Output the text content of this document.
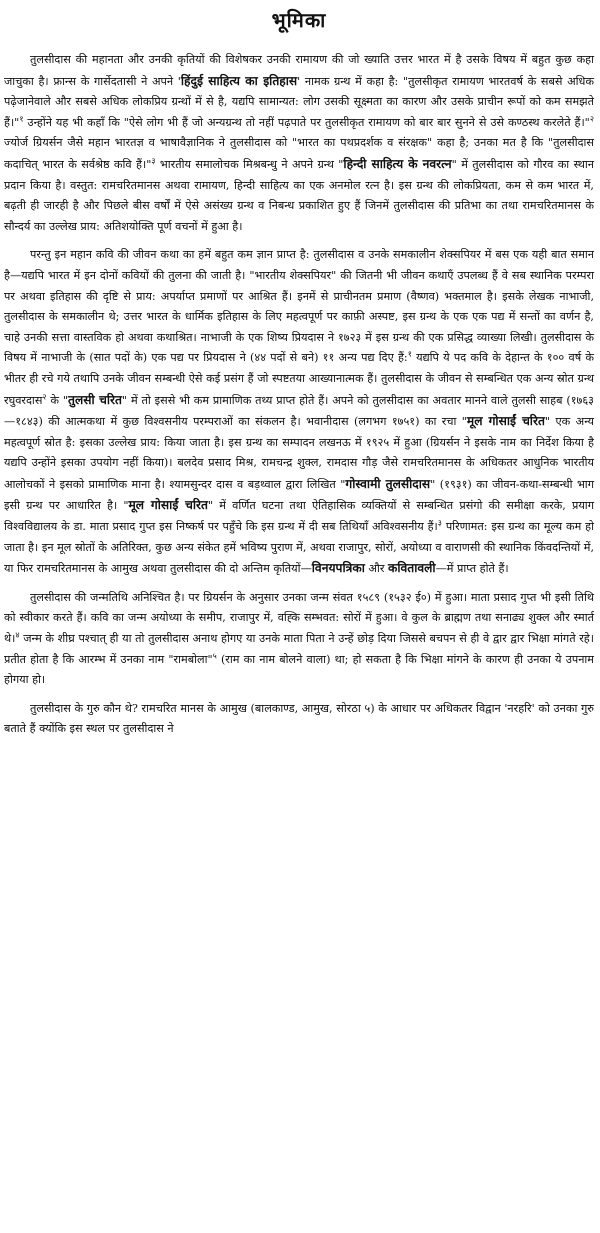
भूमिका

तुलसीदास की महानता और उनकी कृतियों की विशेषकर उनकी रामायण की जो ख्याति उत्तर भारत में है उसके विषय में बहुत कुछ कहा जाचुका है। फ्रान्स के गार्सेदतासी ने अपने 'हिंदुई साहित्य का इतिहास' नामक ग्रन्थ में कहा है: "तुलसीकृत रामायण भारतवर्ष के सबसे अधिक पढ़ेजानेवाले और सबसे अधिक लोकप्रिय ग्रन्थों में से है, यद्यपि सामान्यत: लोग उसकी सूक्ष्मता का कारण और उसके प्राचीन रूपों को कम समझते हैं।"$^१$ उन्होंने यह भी कहाँ कि "ऐसे लोग भी हैं जो अन्यग्रन्थ तो नहीं पढ़पाते पर तुलसीकृत रामायण को बार बार सुनने से उसे कण्ठस्थ करलेते हैं।"$^२$ ज्योर्ज ग्रियर्सन जैसे महान भारतज्ञ व भाषावैज्ञानिक ने तुलसीदास को "भारत का पथप्रदर्शक व संरक्षक" कहा है; उनका मत है कि "तुलसीदास कदाचित् भारत के सर्वश्रेष्ठ कवि हैं।"$^३$ भारतीय समालोचक मिश्रबन्धु ने अपने ग्रन्थ "हिन्दी साहित्य के नवरत्न" में तुलसीदास को गौरव का स्थान प्रदान किया है। वस्तुत: रामचरितमानस अथवा रामायण, हिन्दी साहित्य का एक अनमोल रत्न है। इस ग्रन्थ की लोकप्रियता, कम से कम भारत में, बढ़ती ही जारही है और पिछले बीस वर्षों में ऐसे असंख्य ग्रन्थ व निबन्ध प्रकाशित हुए हैं जिनमें तुलसीदास की प्रतिभा का तथा रामचरितमानस के सौन्दर्य का उल्लेख प्राय: अतिशयोक्ति पूर्ण वचनों में हुआ है।

परन्तु इन महान कवि की जीवन कथा का हमें बहुत कम ज्ञान प्राप्त है: तुलसीदास व उनके समकालीन शेक्सपियर में बस एक यही बात समान है—यद्यपि भारत में इन दोनों कवियों की तुलना की जाती है। "भारतीय शेक्सपियर" की जितनी भी जीवन कथाएँ उपलब्ध हैं वे सब स्थानिक परम्परा पर अथवा इतिहास की दृष्टि से प्राय: अपर्याप्त प्रमाणों पर आश्रित हैं। इनमें से प्राचीनतम प्रमाण (वैष्णव) भक्तमाल है। इसके लेखक नाभाजी, तुलसीदास के समकालीन थे; उत्तर भारत के धार्मिक इतिहास के लिए महत्वपूर्ण पर काफ़ी अस्पष्ट, इस ग्रन्थ के एक एक पद्य में सन्तों का वर्णन है, चाहे उनकी सत्ता वास्तविक हो अथवा कथाश्रित। नाभाजी के एक शिष्य प्रियदास ने १७२३ में इस ग्रन्थ की एक प्रसिद्ध व्याख्या लिखी। तुलसीदास के विषय में नाभाजी के (सात पदों के) एक पद्य पर प्रियदास ने (४४ पदों से बने) ११ अन्य पद्य दिए हैं:$^१$ यद्यपि ये पद कवि के देहान्त के १०० वर्ष के भीतर ही रचे गये तथापि उनके जीवन सम्बन्धी ऐसे कई प्रसंग हैं जो स्पष्टतया आख्यानात्मक हैं। तुलसीदास के जीवन से सम्बन्धित एक अन्य स्रोत ग्रन्थ रघुवरदास$^२$ के "तुलसी चरित" में तो इससे भी कम प्रामाणिक तथ्य प्राप्त होते हैं। अपने को तुलसीदास का अवतार मानने वाले तुलसी साहब (१७६३—१८४३) की आत्मकथा में कुछ विश्वसनीय परम्पराओं का संकलन है। भवानीदास (लगभग १७५१) का रचा "मूल गोसाईं चरित" एक अन्य महत्वपूर्ण स्रोत है: इसका उल्लेख प्राय: किया जाता है। इस ग्रन्थ का सम्पादन लखनऊ में १९२५ में हुआ (ग्रियर्सन ने इसके नाम का निर्देश किया है यद्यपि उन्होंने इसका उपयोग नहीं किया)। बलदेव प्रसाद मिश्र, रामचन्द्र शुक्ल, रामदास गौड़ जैसे रामचरितमानस के अधिकतर आधुनिक भारतीय आलोचकों ने इसको प्रामाणिक माना है। श्यामसुन्दर दास व बड़थ्वाल द्वारा लिखित "गोस्वामी तुलसीदास" (१९३१) का जीवन-कथा-सम्बन्धी भाग इसी ग्रन्थ पर आधारित है। "मूल गोसाईं चरित" में वर्णित घटना तथा ऐतिहासिक व्यक्तियों से सम्बन्धित प्रसंगो की समीक्षा करके, प्रयाग विश्वविद्यालय के डा. माता प्रसाद गुप्त इस निष्कर्ष पर पहुँचे कि इस ग्रन्थ में दी सब तिथियाँ अविश्वसनीय हैं।$^३$ परिणामत: इस ग्रन्थ का मूल्य कम हो जाता है। इन मूल स्रोतों के अतिरिक्त, कुछ अन्य संकेत हमें भविष्य पुराण में, अथवा राजापुर, सोरों, अयोध्या व वाराणसी की स्थानिक किंवदन्तियों में, या फिर रामचरितमानस के आमुख अथवा तुलसीदास की दो अन्तिम कृतियों—विनयपत्रिका और कवितावली—में प्राप्त होते हैं।

तुलसीदास की जन्मतिथि अनिश्चित है। पर ग्रियर्सन के अनुसार उनका जन्म संवत १५८९ (१५३२ ई०) में हुआ। माता प्रसाद गुप्त भी इसी तिथि को स्वीकार करते हैं। कवि का जन्म अयोध्या के समीप, राजापुर में, वह्कि सम्भवत: सोरों में हुआ। वे कुल के ब्राह्मण तथा सनाढ्य शुक्ल और स्मार्त थे।$^४$ जन्म के शीघ्र पश्चात् ही या तो तुलसीदास अनाथ होगए या उनके माता पिता ने उन्हें छोड़ दिया जिससे बचपन से ही वे द्वार द्वार भिक्षा मांगते रहे। प्रतीत होता है कि आरम्भ में उनका नाम "रामबोला"$^५$ (राम का नाम बोलने वाला) था; हो सकता है कि भिक्षा मांगने के कारण ही उनका ये उपनाम होगया हो।

तुलसीदास के गुरु कौन थे? रामचरित मानस के आमुख (बालकाण्ड, आमुख, सोरठा ५) के आधार पर अधिकतर विद्वान 'नरहरि' को उनका गुरु बताते हैं क्योंकि इस स्थल पर तुलसीदास ने
